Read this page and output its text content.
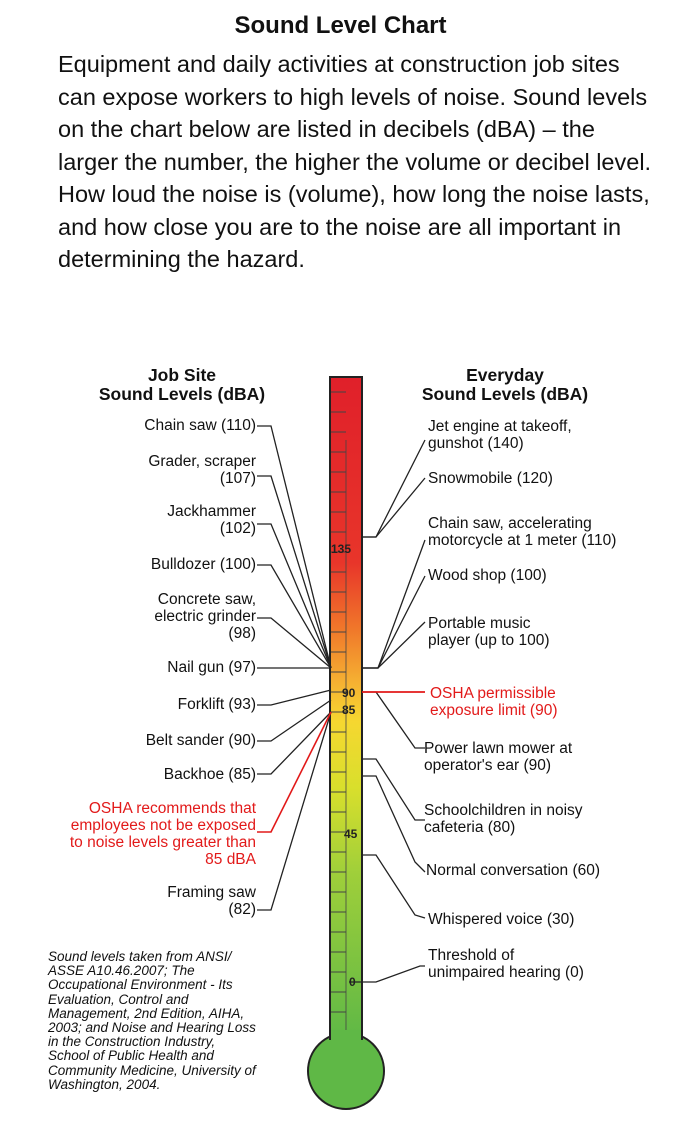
Sound Level Chart
Equipment and daily activities at construction job sites can expose workers to high levels of noise. Sound levels on the chart below are listed in decibels (dBA) – the larger the number, the higher the volume or decibel level. How loud the noise is (volume), how long the noise lasts, and how close you are to the noise are all important in determining the hazard.
Job Site
Sound Levels (dBA)
Everyday
Sound Levels (dBA)
135
90
85
45
0
Chain saw (110)
Grader, scraper
(107)
Jackhammer
(102)
Bulldozer (100)
Concrete saw,
electric grinder
(98)
Nail gun (97)
Forklift (93)
Belt sander (90)
Backhoe (85)
OSHA recommends that
employees not be exposed
to noise levels greater than
85 dBA
Framing saw
(82)
Jet engine at takeoff,
gunshot (140)
Snowmobile (120)
Chain saw, accelerating
motorcycle at 1 meter (110)
Wood shop (100)
Portable music
player (up to 100)
OSHA permissible
exposure limit (90)
Power lawn mower at
operator's ear (90)
Schoolchildren in noisy
cafeteria (80)
Normal conversation (60)
Whispered voice (30)
Threshold of
unimpaired hearing (0)
Sound levels taken from ANSI/
ASSE A10.46.2007; The
Occupational Environment - Its
Evaluation, Control and
Management, 2nd Edition, AIHA,
2003; and Noise and Hearing Loss
in the Construction Industry,
School of Public Health and
Community Medicine, University of
Washington, 2004.
